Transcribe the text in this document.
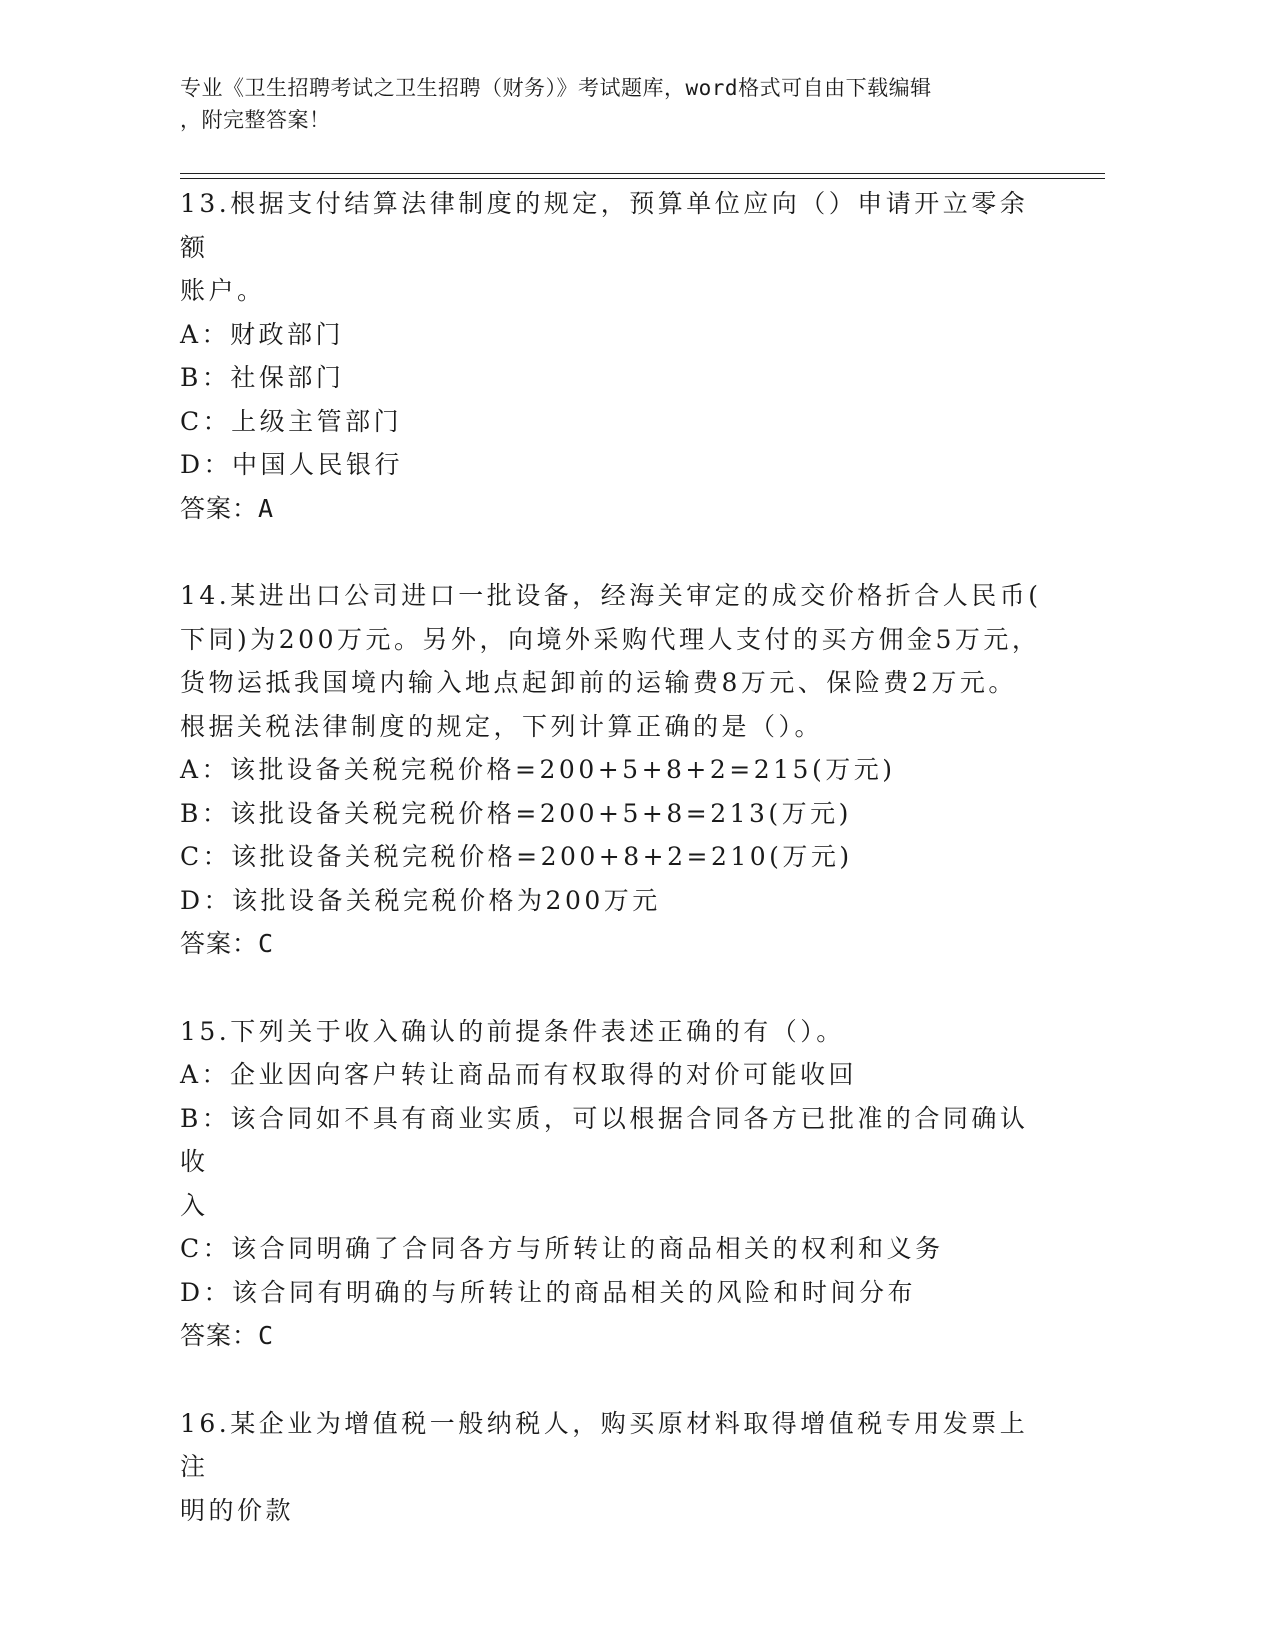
专业《卫生招聘考试之卫生招聘（财务）》考试题库，word格式可自由下载编辑
，附完整答案！
13.根据支付结算法律制度的规定，预算单位应向（）申请开立零余额
账户。
A：财政部门
B：社保部门
C：上级主管部门
D：中国人民银行
答案：A
14.某进出口公司进口一批设备，经海关审定的成交价格折合人民币(
下同)为200万元。另外，向境外采购代理人支付的买方佣金5万元，
货物运抵我国境内输入地点起卸前的运输费8万元、保险费2万元。
根据关税法律制度的规定，下列计算正确的是（）。
A：该批设备关税完税价格=200+5+8+2=215(万元)
B：该批设备关税完税价格=200+5+8=213(万元)
C：该批设备关税完税价格=200+8+2=210(万元)
D：该批设备关税完税价格为200万元
答案：C
15.下列关于收入确认的前提条件表述正确的有（）。
A：企业因向客户转让商品而有权取得的对价可能收回
B：该合同如不具有商业实质，可以根据合同各方已批准的合同确认收
入
C：该合同明确了合同各方与所转让的商品相关的权利和义务
D：该合同有明确的与所转让的商品相关的风险和时间分布
答案：C
16.某企业为增值税一般纳税人，购买原材料取得增值税专用发票上注
明的价款
